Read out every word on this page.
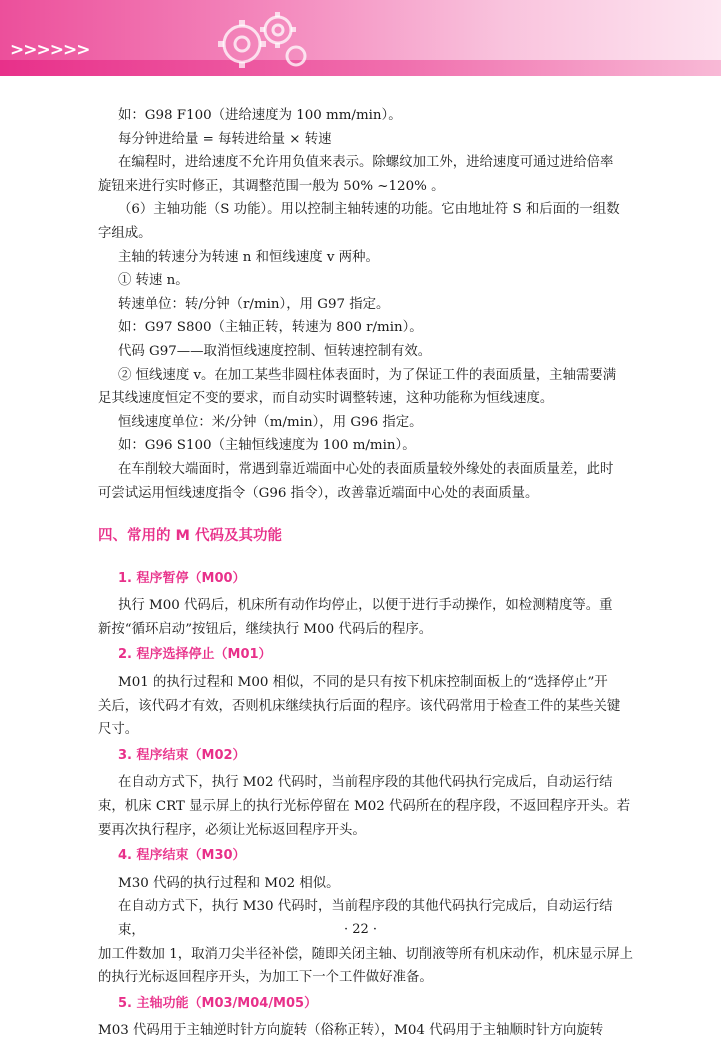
>>>>>>

如：G98 F100（进给速度为 100 mm/min）。

每分钟进给量 = 每转进给量 × 转速

在编程时，进给速度不允许用负值来表示。除螺纹加工外，进给速度可通过进给倍率

旋钮来进行实时修正，其调整范围一般为 50% ~120% 。

（6）主轴功能（S 功能）。用以控制主轴转速的功能。它由地址符 S 和后面的一组数

字组成。

主轴的转速分为转速 n 和恒线速度 v 两种。

① 转速 n。

转速单位：转/分钟（r/min），用 G97 指定。

如：G97 S800（主轴正转，转速为 800 r/min）。

代码 G97——取消恒线速度控制、恒转速控制有效。

② 恒线速度 v。在加工某些非圆柱体表面时，为了保证工件的表面质量，主轴需要满

足其线速度恒定不变的要求，而自动实时调整转速，这种功能称为恒线速度。

恒线速度单位：米/分钟（m/min），用 G96 指定。

如：G96 S100（主轴恒线速度为 100 m/min）。

在车削较大端面时，常遇到靠近端面中心处的表面质量较外缘处的表面质量差，此时

可尝试运用恒线速度指令（G96 指令），改善靠近端面中心处的表面质量。

四、常用的 M 代码及其功能
1. 程序暂停（M00）

执行 M00 代码后，机床所有动作均停止，以便于进行手动操作，如检测精度等。重

新按“循环启动”按钮后，继续执行 M00 代码后的程序。

2. 程序选择停止（M01）

M01 的执行过程和 M00 相似，不同的是只有按下机床控制面板上的“选择停止”开

关后，该代码才有效，否则机床继续执行后面的程序。该代码常用于检查工件的某些关键

尺寸。

3. 程序结束（M02）

在自动方式下，执行 M02 代码时，当前程序段的其他代码执行完成后，自动运行结

束，机床 CRT 显示屏上的执行光标停留在 M02 代码所在的程序段，不返回程序开头。若

要再次执行程序，必须让光标返回程序开头。

4. 程序结束（M30）

M30 代码的执行过程和 M02 相似。

在自动方式下，执行 M30 代码时，当前程序段的其他代码执行完成后，自动运行结束，

加工件数加 1，取消刀尖半径补偿，随即关闭主轴、切削液等所有机床动作，机床显示屏上

的执行光标返回程序开头，为加工下一个工件做好准备。

5. 主轴功能（M03/M04/M05）

M03 代码用于主轴逆时针方向旋转（俗称正转），M04 代码用于主轴顺时针方向旋转

· 22 ·
